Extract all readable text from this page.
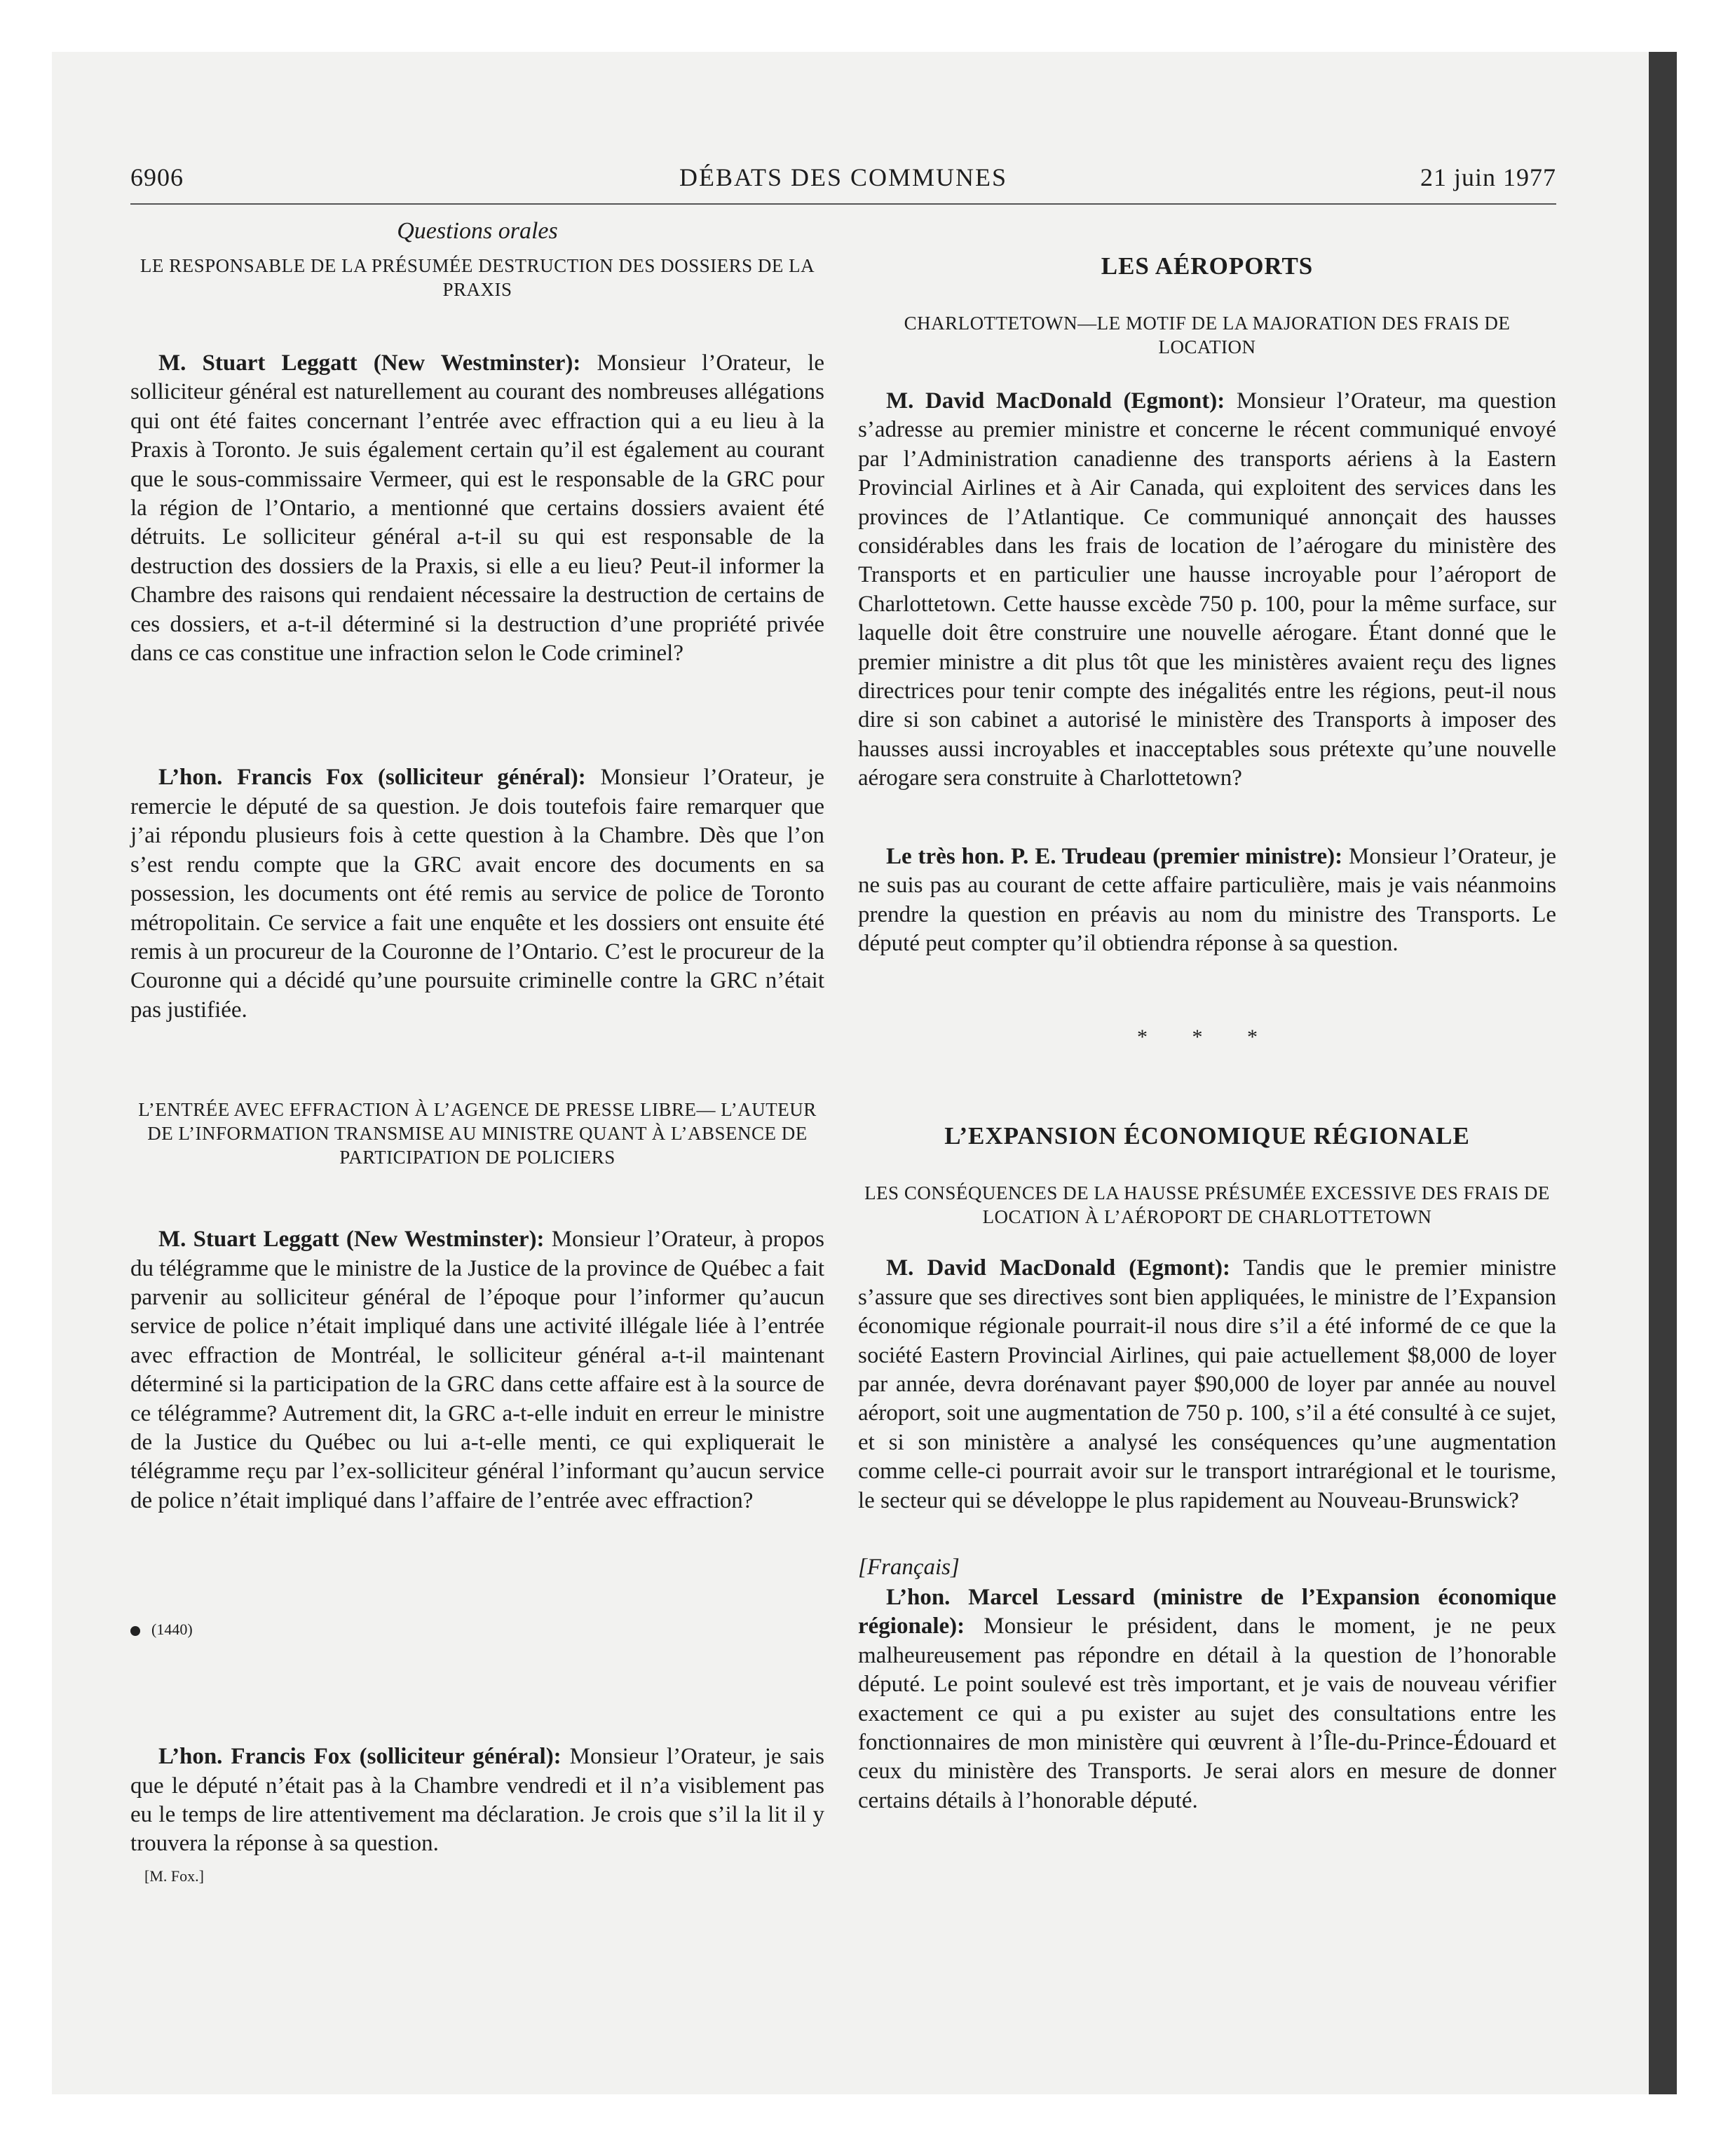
6906	DÉBATS DES COMMUNES	21 juin 1977
Questions orales
LE RESPONSABLE DE LA PRÉSUMÉE DESTRUCTION DES DOSSIERS DE LA PRAXIS

M. Stuart Leggatt (New Westminster): Monsieur l’Orateur, le solliciteur général est naturellement au courant des nombreuses allégations qui ont été faites concernant l’entrée avec effraction qui a eu lieu à la Praxis à Toronto. Je suis également certain qu’il est également au courant que le sous-commissaire Vermeer, qui est le responsable de la GRC pour la région de l’Ontario, a mentionné que certains dossiers avaient été détruits. Le solliciteur général a-t-il su qui est responsable de la destruction des dossiers de la Praxis, si elle a eu lieu? Peut-il informer la Chambre des raisons qui rendaient nécessaire la destruction de certains de ces dossiers, et a-t-il déterminé si la destruction d’une propriété privée dans ce cas constitue une infraction selon le Code criminel?

L’hon. Francis Fox (solliciteur général): Monsieur l’Orateur, je remercie le député de sa question. Je dois toutefois faire remarquer que j’ai répondu plusieurs fois à cette question à la Chambre. Dès que l’on s’est rendu compte que la GRC avait encore des documents en sa possession, les documents ont été remis au service de police de Toronto métropolitain. Ce service a fait une enquête et les dossiers ont ensuite été remis à un procureur de la Couronne de l’Ontario. C’est le procureur de la Couronne qui a décidé qu’une poursuite criminelle contre la GRC n’était pas justifiée.

L’ENTRÉE AVEC EFFRACTION À L’AGENCE DE PRESSE LIBRE— L’AUTEUR DE L’INFORMATION TRANSMISE AU MINISTRE QUANT À L’ABSENCE DE PARTICIPATION DE POLICIERS

M. Stuart Leggatt (New Westminster): Monsieur l’Orateur, à propos du télégramme que le ministre de la Justice de la province de Québec a fait parvenir au solliciteur général de l’époque pour l’informer qu’aucun service de police n’était impliqué dans une activité illégale liée à l’entrée avec effraction de Montréal, le solliciteur général a-t-il maintenant déterminé si la participation de la GRC dans cette affaire est à la source de ce télégramme? Autrement dit, la GRC a-t-elle induit en erreur le ministre de la Justice du Québec ou lui a-t-elle menti, ce qui expliquerait le télégramme reçu par l’ex-solliciteur général l’informant qu’aucun service de police n’était impliqué dans l’affaire de l’entrée avec effraction?

(1440)

L’hon. Francis Fox (solliciteur général): Monsieur l’Orateur, je sais que le député n’était pas à la Chambre vendredi et il n’a visiblement pas eu le temps de lire attentivement ma déclaration. Je crois que s’il la lit il y trouvera la réponse à sa question.

[M. Fox.]
LES AÉROPORTS
CHARLOTTETOWN—LE MOTIF DE LA MAJORATION DES FRAIS DE LOCATION

M. David MacDonald (Egmont): Monsieur l’Orateur, ma question s’adresse au premier ministre et concerne le récent communiqué envoyé par l’Administration canadienne des transports aériens à la Eastern Provincial Airlines et à Air Canada, qui exploitent des services dans les provinces de l’Atlantique. Ce communiqué annonçait des hausses considérables dans les frais de location de l’aérogare du ministère des Transports et en particulier une hausse incroyable pour l’aéroport de Charlottetown. Cette hausse excède 750 p. 100, pour la même surface, sur laquelle doit être construire une nouvelle aérogare. Étant donné que le premier ministre a dit plus tôt que les ministères avaient reçu des lignes directrices pour tenir compte des inégalités entre les régions, peut-il nous dire si son cabinet a autorisé le ministère des Transports à imposer des hausses aussi incroyables et inacceptables sous prétexte qu’une nouvelle aérogare sera construite à Charlottetown?

Le très hon. P. E. Trudeau (premier ministre): Monsieur l’Orateur, je ne suis pas au courant de cette affaire particulière, mais je vais néanmoins prendre la question en préavis au nom du ministre des Transports. Le député peut compter qu’il obtiendra réponse à sa question.

* * *
L’EXPANSION ÉCONOMIQUE RÉGIONALE
LES CONSÉQUENCES DE LA HAUSSE PRÉSUMÉE EXCESSIVE DES FRAIS DE LOCATION À L’AÉROPORT DE CHARLOTTETOWN

M. David MacDonald (Egmont): Tandis que le premier ministre s’assure que ses directives sont bien appliquées, le ministre de l’Expansion économique régionale pourrait-il nous dire s’il a été informé de ce que la société Eastern Provincial Airlines, qui paie actuellement $8,000 de loyer par année, devra dorénavant payer $90,000 de loyer par année au nouvel aéroport, soit une augmentation de 750 p. 100, s’il a été consulté à ce sujet, et si son ministère a analysé les conséquences qu’une augmentation comme celle-ci pourrait avoir sur le transport intrarégional et le tourisme, le secteur qui se développe le plus rapidement au Nouveau-Brunswick?

[Français]

L’hon. Marcel Lessard (ministre de l’Expansion économique régionale): Monsieur le président, dans le moment, je ne peux malheureusement pas répondre en détail à la question de l’honorable député. Le point soulevé est très important, et je vais de nouveau vérifier exactement ce qui a pu exister au sujet des consultations entre les fonctionnaires de mon ministère qui œuvrent à l’Île-du-Prince-Édouard et ceux du ministère des Transports. Je serai alors en mesure de donner certains détails à l’honorable député.
